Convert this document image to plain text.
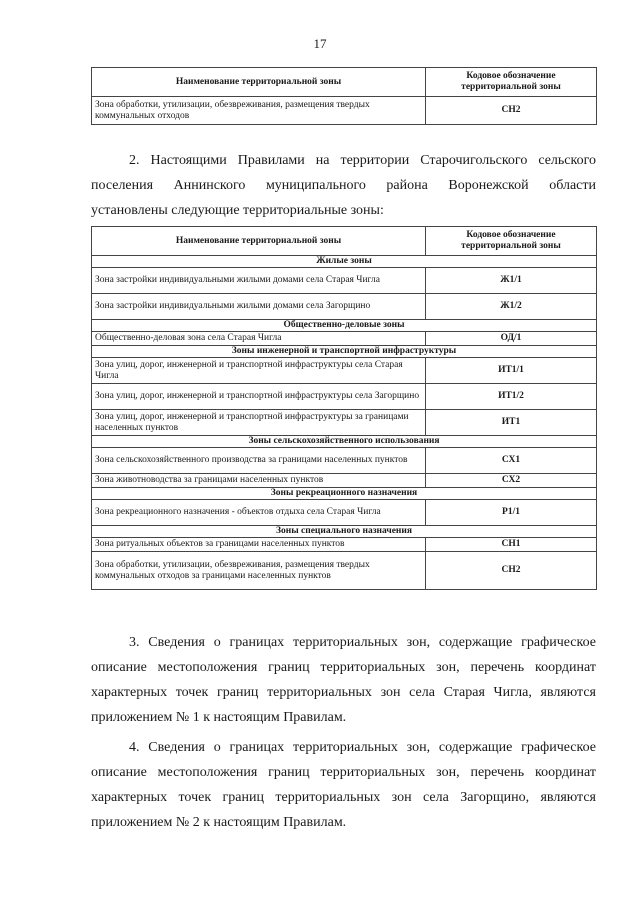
17
Наименование территориальной зоны	Кодовое обозначение территориальной зоны
Зона обработки, утилизации, обезвреживания, размещения твердых коммунальных отходов	СН2

2. Настоящими Правилами на территории Старочигольского сельского
поселения Аннинского муниципального района Воронежской области
установлены следующие территориальные зоны:

Наименование территориальной зоны	Кодовое обозначение территориальной зоны
Жилые зоны	
Зона застройки индивидуальными жилыми домами села Старая Чигла	Ж1/1
Зона застройки индивидуальными жилыми домами села Загорщино	Ж1/2
Общественно-деловые зоны	
Общественно-деловая зона села Старая Чигла	ОД/1
Зоны инженерной и транспортной инфраструктуры	
Зона улиц, дорог, инженерной и транспортной инфраструктуры села Старая Чигла	ИТ1/1
Зона улиц, дорог, инженерной и транспортной инфраструктуры села Загорщино	ИТ1/2
Зона улиц, дорог, инженерной и транспортной инфраструктуры за границами населенных пунктов	ИТ1
Зоны сельскохозяйственного использования	
Зона сельскохозяйственного производства за границами населенных пунктов	СХ1
Зона животноводства за границами населенных пунктов	СХ2
Зоны рекреационного назначения	
Зона рекреационного назначения - объектов отдыха села Старая Чигла	Р1/1
Зоны специального назначения	
Зона ритуальных объектов за границами населенных пунктов	СН1
Зона обработки, утилизации, обезвреживания, размещения твердых коммунальных отходов за границами населенных пунктов	СН2

3. Сведения о границах территориальных зон, содержащие графическое
описание местоположения границ территориальных зон, перечень координат
характерных точек границ территориальных зон села Старая Чигла, являются
приложением № 1 к настоящим Правилам.

4. Сведения о границах территориальных зон, содержащие графическое
описание местоположения границ территориальных зон, перечень координат
характерных точек границ территориальных зон села Загорщино, являются
приложением № 2 к настоящим Правилам.
